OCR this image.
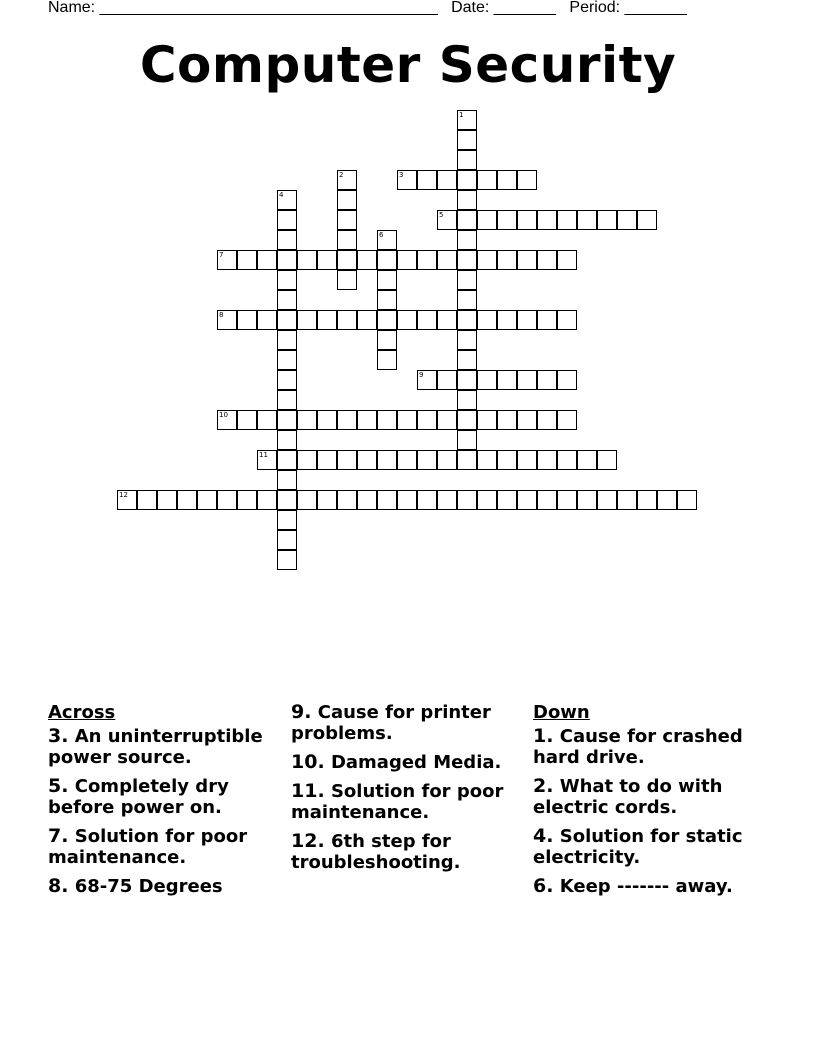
Name: ______________________________________ Date: _______ Period: _______
Computer Security
1
2	3
4
5
6
7
8
9
10
11
12
Across
3. An uninterruptible power source.
5. Completely dry before power on.
7. Solution for poor maintenance.
8. 68-75 Degrees
9. Cause for printer problems.
10. Damaged Media.
11. Solution for poor maintenance.
12. 6th step for troubleshooting.
Down
1. Cause for crashed hard drive.
2. What to do with electric cords.
4. Solution for static electricity.
6. Keep ------- away.
